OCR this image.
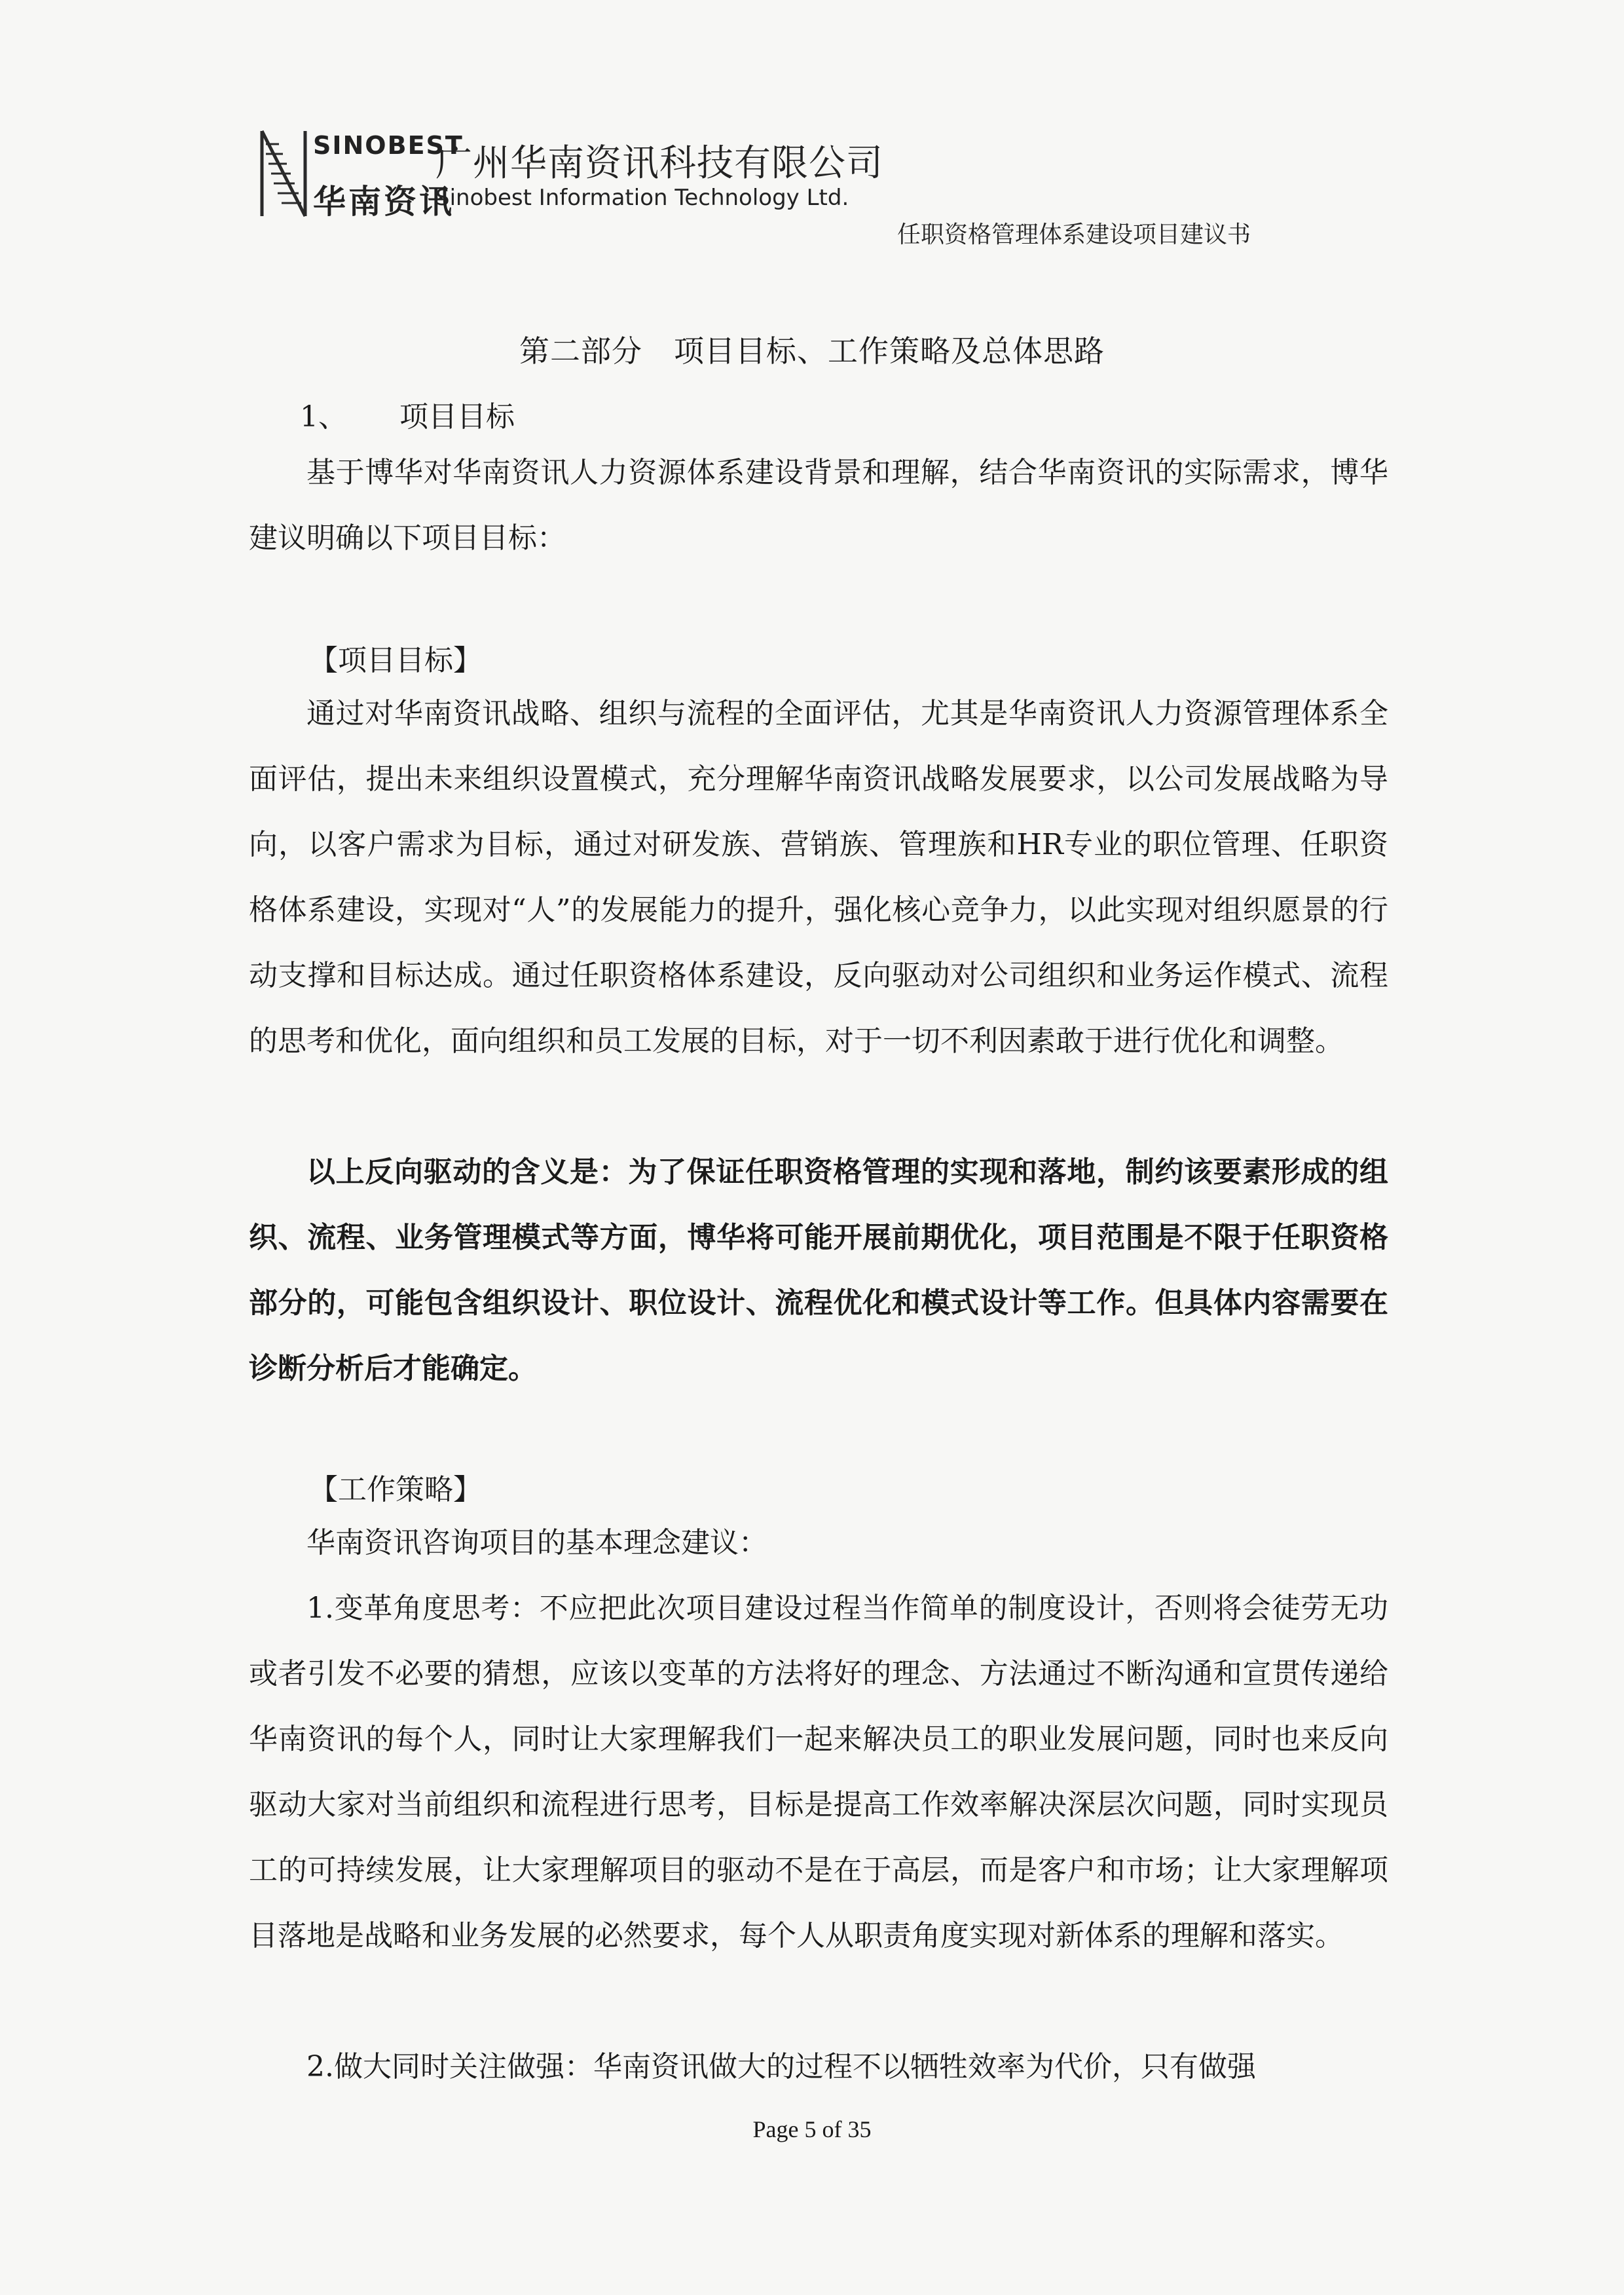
SINOBEST
华南资讯
广州华南资讯科技有限公司
Sinobest Information Technology Ltd.
任职资格管理体系建设项目建议书
第二部分 项目目标、工作策略及总体思路
1、 项目目标

基于博华对华南资讯人力资源体系建设背景和理解，结合华南资讯的实际需求，博华建议明确以下项目目标：

【项目目标】

通过对华南资讯战略、组织与流程的全面评估，尤其是华南资讯人力资源管理体系全面评估，提出未来组织设置模式，充分理解华南资讯战略发展要求，以公司发展战略为导向，以客户需求为目标，通过对研发族、营销族、管理族和HR专业的职位管理、任职资格体系建设，实现对“人”的发展能力的提升，强化核心竞争力，以此实现对组织愿景的行动支撑和目标达成。通过任职资格体系建设，反向驱动对公司组织和业务运作模式、流程的思考和优化，面向组织和员工发展的目标，对于一切不利因素敢于进行优化和调整。

以上反向驱动的含义是：为了保证任职资格管理的实现和落地，制约该要素形成的组织、流程、业务管理模式等方面，博华将可能开展前期优化，项目范围是不限于任职资格部分的，可能包含组织设计、职位设计、流程优化和模式设计等工作。但具体内容需要在诊断分析后才能确定。

【工作策略】

华南资讯咨询项目的基本理念建议：

1.变革角度思考：不应把此次项目建设过程当作简单的制度设计，否则将会徒劳无功或者引发不必要的猜想，应该以变革的方法将好的理念、方法通过不断沟通和宣贯传递给华南资讯的每个人，同时让大家理解我们一起来解决员工的职业发展问题，同时也来反向驱动大家对当前组织和流程进行思考，目标是提高工作效率解决深层次问题，同时实现员工的可持续发展，让大家理解项目的驱动不是在于高层，而是客户和市场；让大家理解项目落地是战略和业务发展的必然要求，每个人从职责角度实现对新体系的理解和落实。

2.做大同时关注做强：华南资讯做大的过程不以牺牲效率为代价，只有做强

Page 5 of 35
